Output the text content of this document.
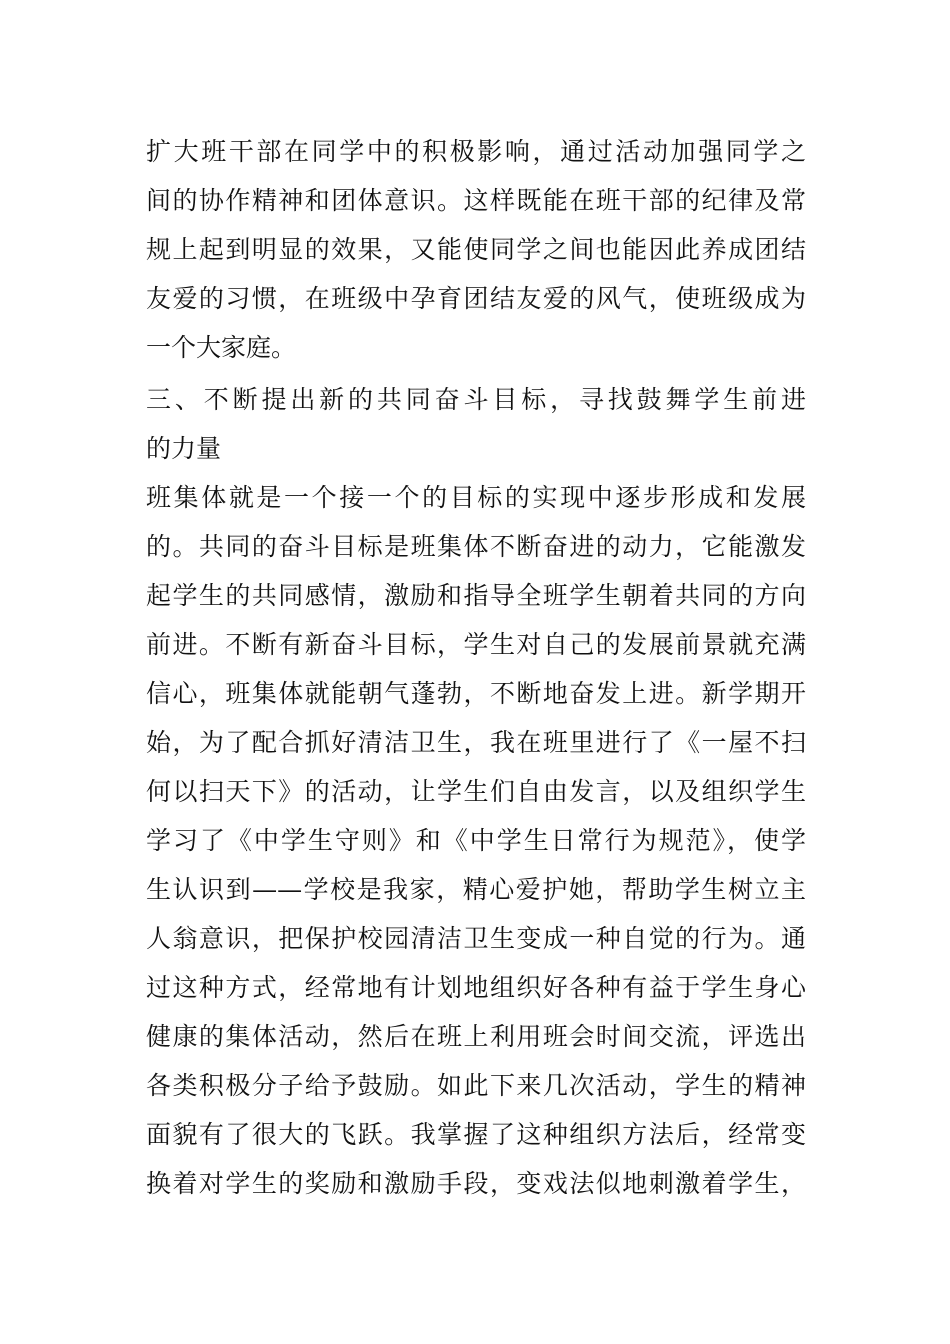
扩大班干部在同学中的积极影响，通过活动加强同学之
间的协作精神和团体意识。这样既能在班干部的纪律及常
规上起到明显的效果，又能使同学之间也能因此养成团结
友爱的习惯，在班级中孕育团结友爱的风气，使班级成为
一个大家庭。
三、不断提出新的共同奋斗目标，寻找鼓舞学生前进
的力量
班集体就是一个接一个的目标的实现中逐步形成和发展
的。共同的奋斗目标是班集体不断奋进的动力，它能激发
起学生的共同感情，激励和指导全班学生朝着共同的方向
前进。不断有新奋斗目标，学生对自己的发展前景就充满
信心，班集体就能朝气蓬勃，不断地奋发上进。新学期开
始，为了配合抓好清洁卫生，我在班里进行了《一屋不扫
何以扫天下》的活动，让学生们自由发言，以及组织学生
学习了《中学生守则》和《中学生日常行为规范》，使学
生认识到——学校是我家，精心爱护她，帮助学生树立主
人翁意识，把保护校园清洁卫生变成一种自觉的行为。通
过这种方式，经常地有计划地组织好各种有益于学生身心
健康的集体活动，然后在班上利用班会时间交流，评选出
各类积极分子给予鼓励。如此下来几次活动，学生的精神
面貌有了很大的飞跃。我掌握了这种组织方法后，经常变
换着对学生的奖励和激励手段，变戏法似地刺激着学生，
